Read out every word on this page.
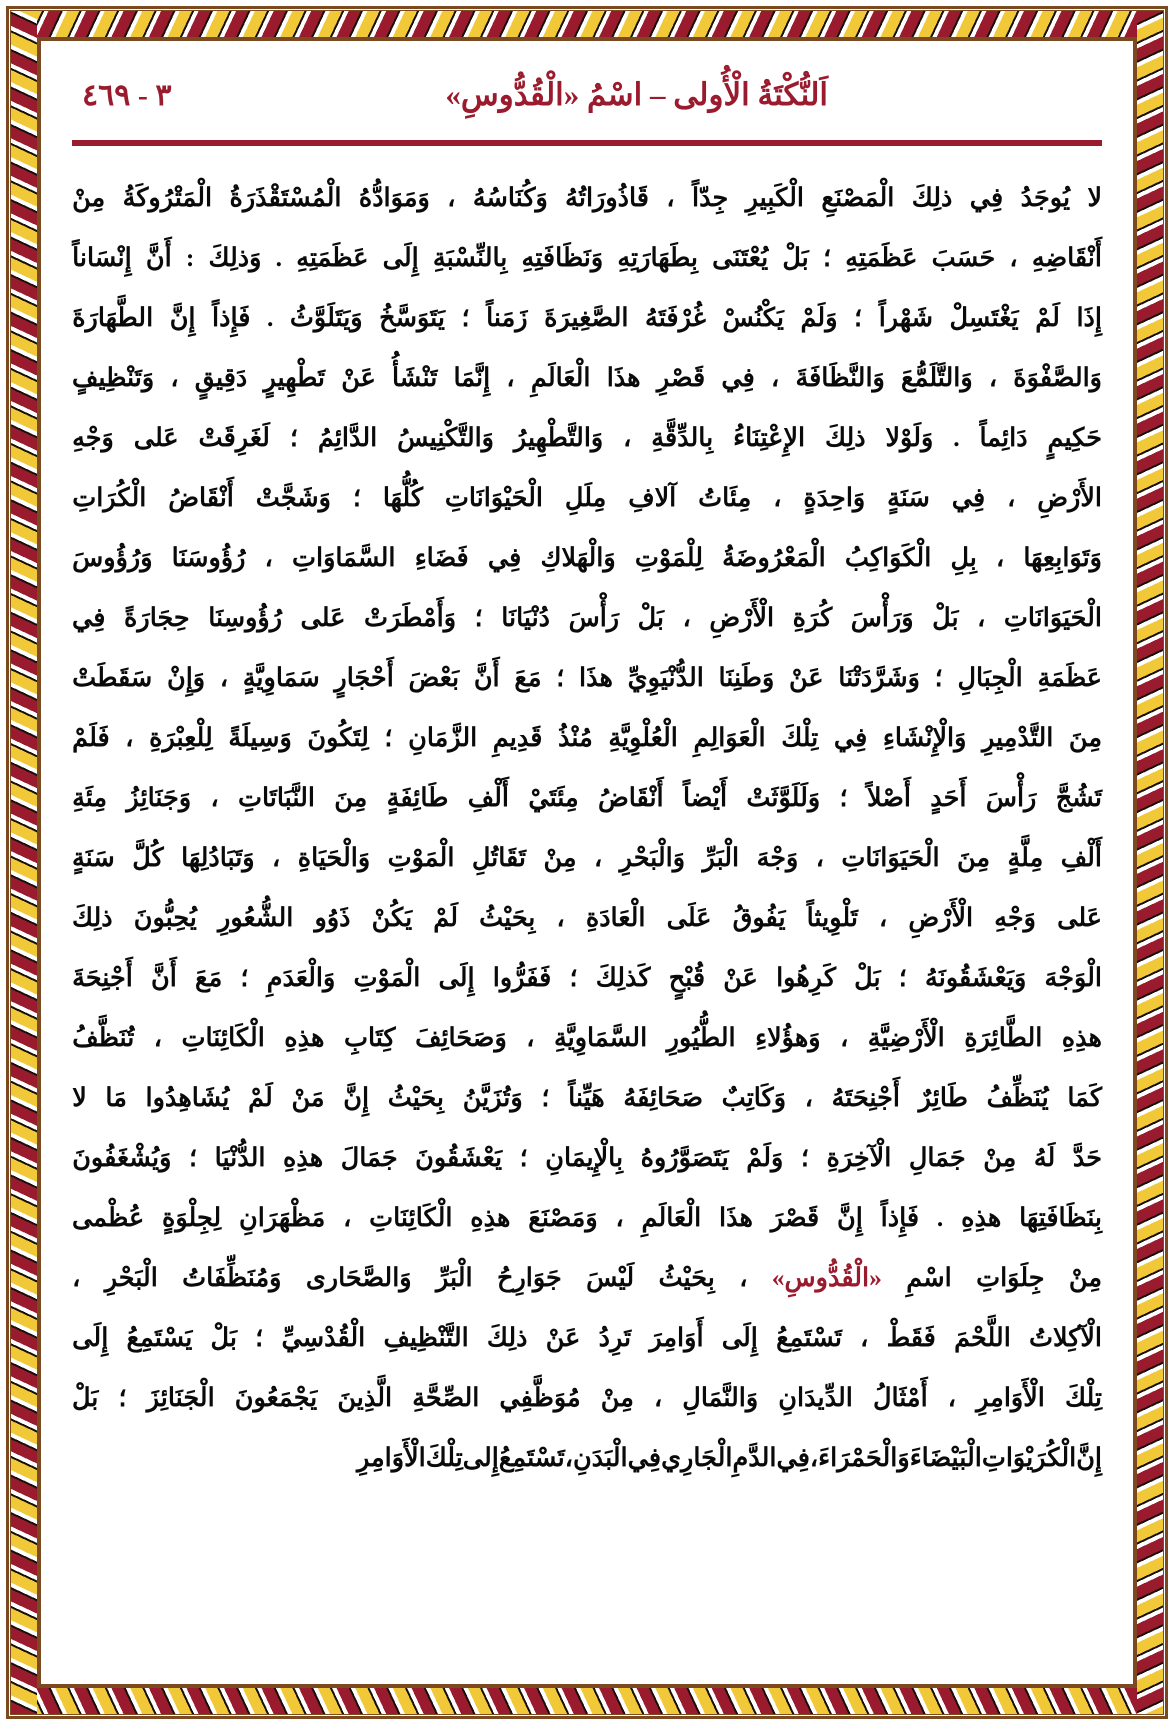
اَلنُّكْتَةُ الْأُولى – اسْمُ «الْقُدُّوسِ»
٣ - ٤٦٩
لا
يُوجَدُ
فِي
ذلِكَ
الْمَصْنَعِ
الْكَبِيرِ
جِدّاً
،
قَاذُورَاتُهُ
وَكُنَاسُهُ
،
وَمَوَادُّهُ
الْمُسْتَقْذَرَةُ
الْمَتْرُوكَةُ
مِنْ
أَنْقَاضِهِ
،
حَسَبَ
عَظَمَتِهِ
؛
بَلْ
يُعْتَنَى
بِطَهَارَتِهِ
وَنَظَافَتِهِ
بِالنِّسْبَةِ
إِلَى
عَظَمَتِهِ
.
وَذلِكَ
:
أَنَّ
إِنْسَاناً
إِذَا
لَمْ
يَغْتَسِلْ
شَهْراً
؛
وَلَمْ
يَكْنُسْ
غُرْفَتَهُ
الصَّغِيرَةَ
زَمَناً
؛
يَتَوَسَّخُ
وَيَتَلَوَّثُ
.
فَإِذاً
إِنَّ
الطَّهَارَةَ
وَالصَّفْوَةَ
،
وَالتَّلَمُّعَ
وَالنَّظَافَةَ
،
فِي
قَصْرِ
هذَا
الْعَالَمِ
،
إِنَّمَا
تَنْشَأُ
عَنْ
تَطْهِيرٍ
دَقِيقٍ
،
وَتَنْظِيفٍ
حَكِيمٍ
دَائِماً
.
وَلَوْلا
ذلِكَ
الإِعْتِنَاءُ
بِالدِّقَّةِ
،
وَالتَّطْهِيرُ
وَالتَّكْنِيسُ
الدَّائِمُ
؛
لَغَرِقَتْ
عَلى
وَجْهِ
الأَرْضِ
،
فِي
سَنَةٍ
وَاحِدَةٍ
،
مِئَاتُ
آلافِ
مِلَلِ
الْحَيْوَانَاتِ
كُلُّهَا
؛
وَشَجَّتْ
أَنْقَاضُ
الْكُرَاتِ
وَتَوَابِعِهَا
،
بِلِ
الْكَوَاكِبُ
الْمَعْرُوضَةُ
لِلْمَوْتِ
وَالْهَلاكِ
فِي
فَضَاءِ
السَّمَاوَاتِ
،
رُؤُوسَنَا
وَرُؤُوسَ
الْحَيَوَانَاتِ
،
بَلْ
وَرَأْسَ
كُرَةِ
الْأَرْضِ
،
بَلْ
رَأْسَ
دُنْيَانَا
؛
وَأَمْطَرَتْ
عَلى
رُؤُوسِنَا
حِجَارَةً
فِي
عَظَمَةِ
الْجِبَالِ
؛
وَشَرَّدَتْنَا
عَنْ
وَطَنِنَا
الدُّنْيَوِيِّ
هذَا
؛
مَعَ
أَنَّ
بَعْضَ
أَحْجَارٍ
سَمَاوِيَّةٍ
،
وَإِنْ
سَقَطَتْ
مِنَ
التَّدْمِيرِ
وَالْإِنْشَاءِ
فِي
تِلْكَ
الْعَوَالِمِ
الْعُلْوِيَّةِ
مُنْذُ
قَدِيمِ
الزَّمَانِ
؛
لِتَكُونَ
وَسِيلَةً
لِلْعِبْرَةِ
،
فَلَمْ
تَشُجَّ
رَأْسَ
أَحَدٍ
أَصْلاً
؛
وَلَلَوَّثَتْ
أَيْضاً
أَنْقَاضُ
مِئَتَيْ
أَلْفِ
طَائِفَةٍ
مِنَ
النَّبَاتَاتِ
،
وَجَنَائِزُ
مِئَةِ
أَلْفِ
مِلَّةٍ
مِنَ
الْحَيَوَانَاتِ
،
وَجْهَ
الْبَرِّ
وَالْبَحْرِ
،
مِنْ
تَقَاتُلِ
الْمَوْتِ
وَالْحَيَاةِ
،
وَتَبَادُلِهَا
كُلَّ
سَنَةٍ
عَلى
وَجْهِ
الْأَرْضِ
،
تَلْوِيثاً
يَفُوقُ
عَلَى
الْعَادَةِ
،
بِحَيْثُ
لَمْ
يَكُنْ
ذَوُو
الشُّعُورِ
يُحِبُّونَ
ذلِكَ
الْوَجْهَ
وَيَعْشَقُونَهُ
؛
بَلْ
كَرِهُوا
عَنْ
قُبْحٍ
كَذلِكَ
؛
فَفَرُّوا
إِلَى
الْمَوْتِ
وَالْعَدَمِ
؛
مَعَ
أَنَّ
أَجْنِحَةَ
هذِهِ
الطَّائِرَةِ
الْأَرْضِيَّةِ
،
وَهؤُلاءِ
الطُّيُورِ
السَّمَاوِيَّةِ
،
وَصَحَائِفَ
كِتَابِ
هذِهِ
الْكَائِنَاتِ
،
تُنَظَّفُ
كَمَا
يُنَظِّفُ
طَائِرٌ
أَجْنِحَتَهُ
،
وَكَاتِبٌ
صَحَائِفَهُ
هَيِّناً
؛
وَتُزَيَّنُ
بِحَيْثُ
إِنَّ
مَنْ
لَمْ
يُشَاهِدُوا
مَا
لا
حَدَّ
لَهُ
مِنْ
جَمَالِ
الْآخِرَةِ
؛
وَلَمْ
يَتَصَوَّرُوهُ
بِالْإِيمَانِ
؛
يَعْشَقُونَ
جَمَالَ
هذِهِ
الدُّنْيَا
؛
وَيُشْغَفُونَ
بِنَظَافَتِهَا
هذِهِ
.
فَإِذاً
إِنَّ
قَصْرَ
هذَا
الْعَالَمِ
،
وَمَصْنَعَ
هذِهِ
الْكَائِنَاتِ
،
مَظْهَرَانِ
لِجِلْوَةٍ
عُظْمى
مِنْ
جِلَوَاتِ
اسْمِ
«الْقُدُّوسِ»
،
بِحَيْثُ
لَيْسَ
جَوَارِحُ
الْبَرِّ
وَالصَّحَارى
وَمُنَظِّفَاتُ
الْبَحْرِ
،
الْآكِلاتُ
اللَّحْمَ
فَقَطْ
،
تَسْتَمِعُ
إِلَى
أَوَامِرَ
تَرِدُ
عَنْ
ذلِكَ
التَّنْظِيفِ
الْقُدْسِيِّ
؛
بَلْ
يَسْتَمِعُ
إِلَى
تِلْكَ
الْأَوَامِرِ
،
أَمْثَالُ
الدِّيدَانِ
وَالنَّمَالِ
،
مِنْ
مُوَظَّفِي
الصِّحَّةِ
الَّذِينَ
يَجْمَعُونَ
الْجَنَائِزَ
؛
بَلْ
إِنَّ
الْكُرَيْوَاتِ
الْبَيْضَاءَ
وَالْحَمْرَاءَ
،
فِي
الدَّمِ
الْجَارِي
فِي
الْبَدَنِ
،
تَسْتَمِعُ
إِلى
تِلْكَ
الْأَوَامِرِ
